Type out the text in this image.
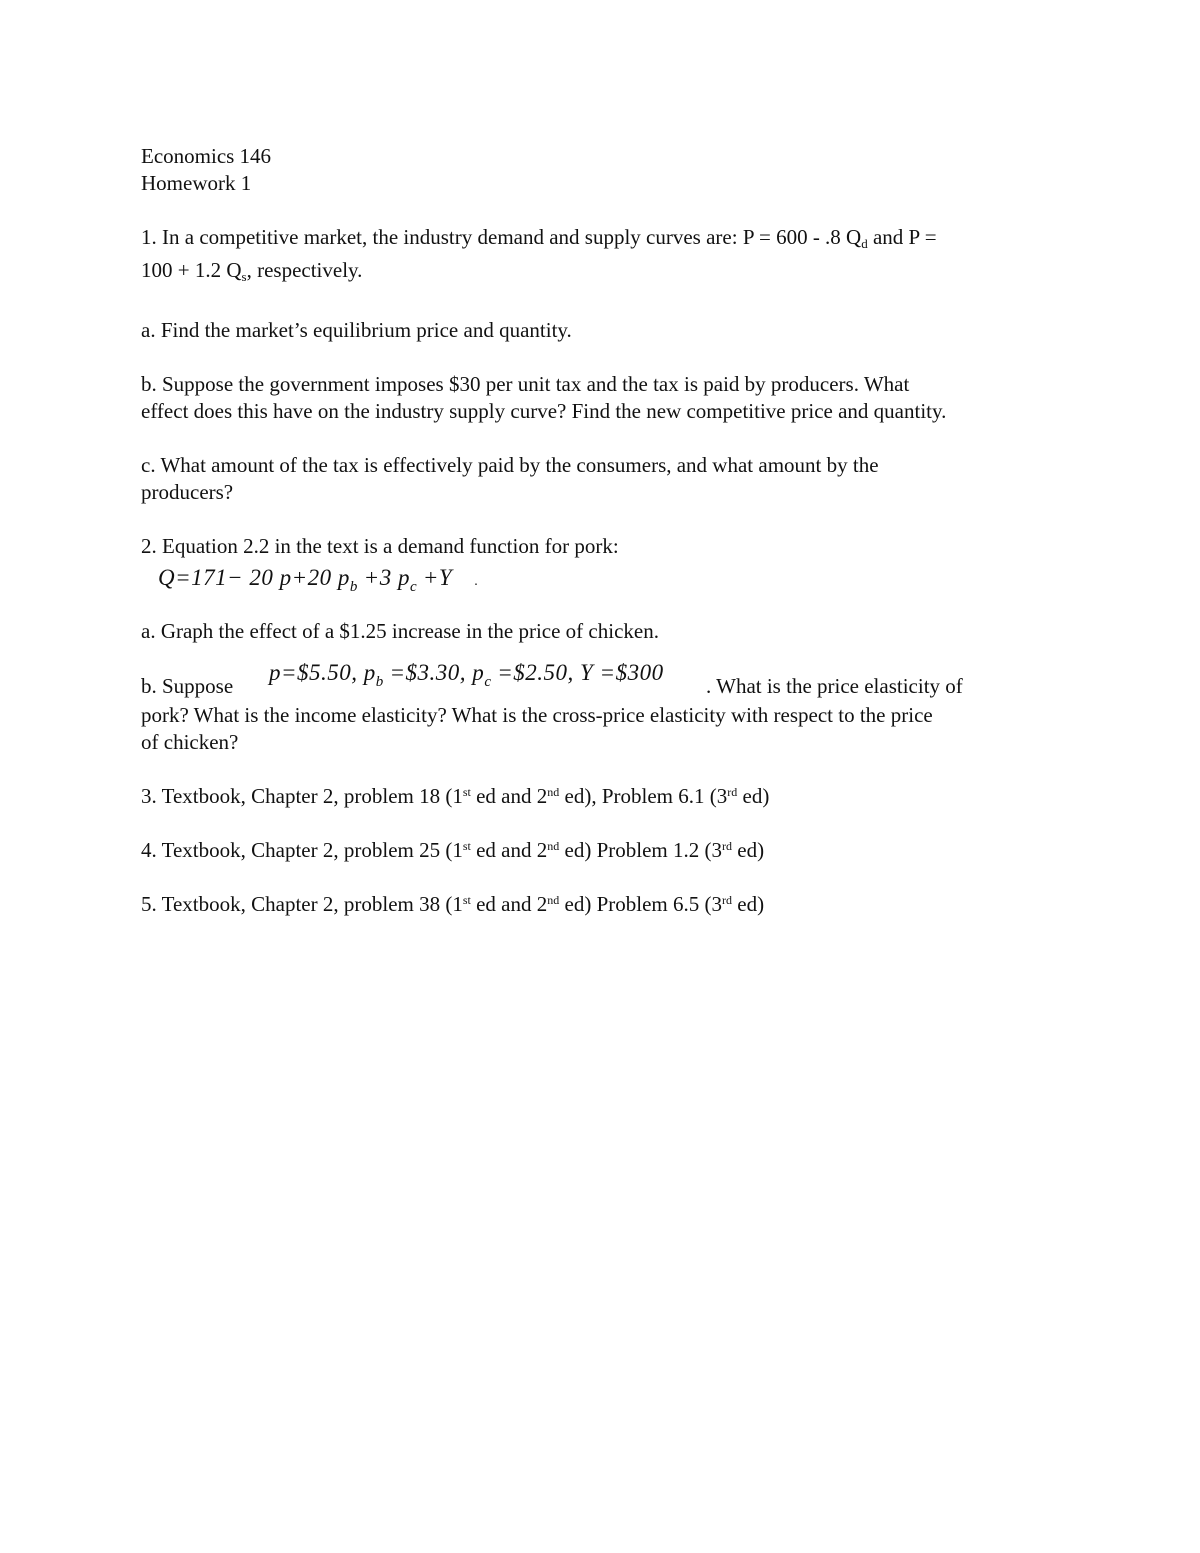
Economics 146

Homework 1

1. In a competitive market, the industry demand and supply curves are: P = 600 - .8 $Q_d$ and P =
100 + 1.2 $Q_s$, respectively.

a. Find the market’s equilibrium price and quantity.

b. Suppose the government imposes $30 per unit tax and the tax is paid by producers. What
effect does this have on the industry supply curve? Find the new competitive price and quantity.

c. What amount of the tax is effectively paid by the consumers, and what amount by the
producers?

2. Equation 2.2 in the text is a demand function for pork:

Q=171− 20 p+20 $p_b +3$ $p_c +Y$ .

a. Graph the effect of a $1.25 increase in the price of chicken.

b. Suppose
p=$5.50, $p_b$ =$3.30, $p_c$ =$2.50, Y =$300
. What is the price elasticity of

pork? What is the income elasticity? What is the cross-price elasticity with respect to the price
of chicken?

3. Textbook, Chapter 2, problem 18 (1st ed and 2nd ed), Problem 6.1 (3rd ed)

4. Textbook, Chapter 2, problem 25 (1st ed and 2nd ed) Problem 1.2 (3rd ed)

5. Textbook, Chapter 2, problem 38 (1st ed and 2nd ed) Problem 6.5 (3rd ed)
